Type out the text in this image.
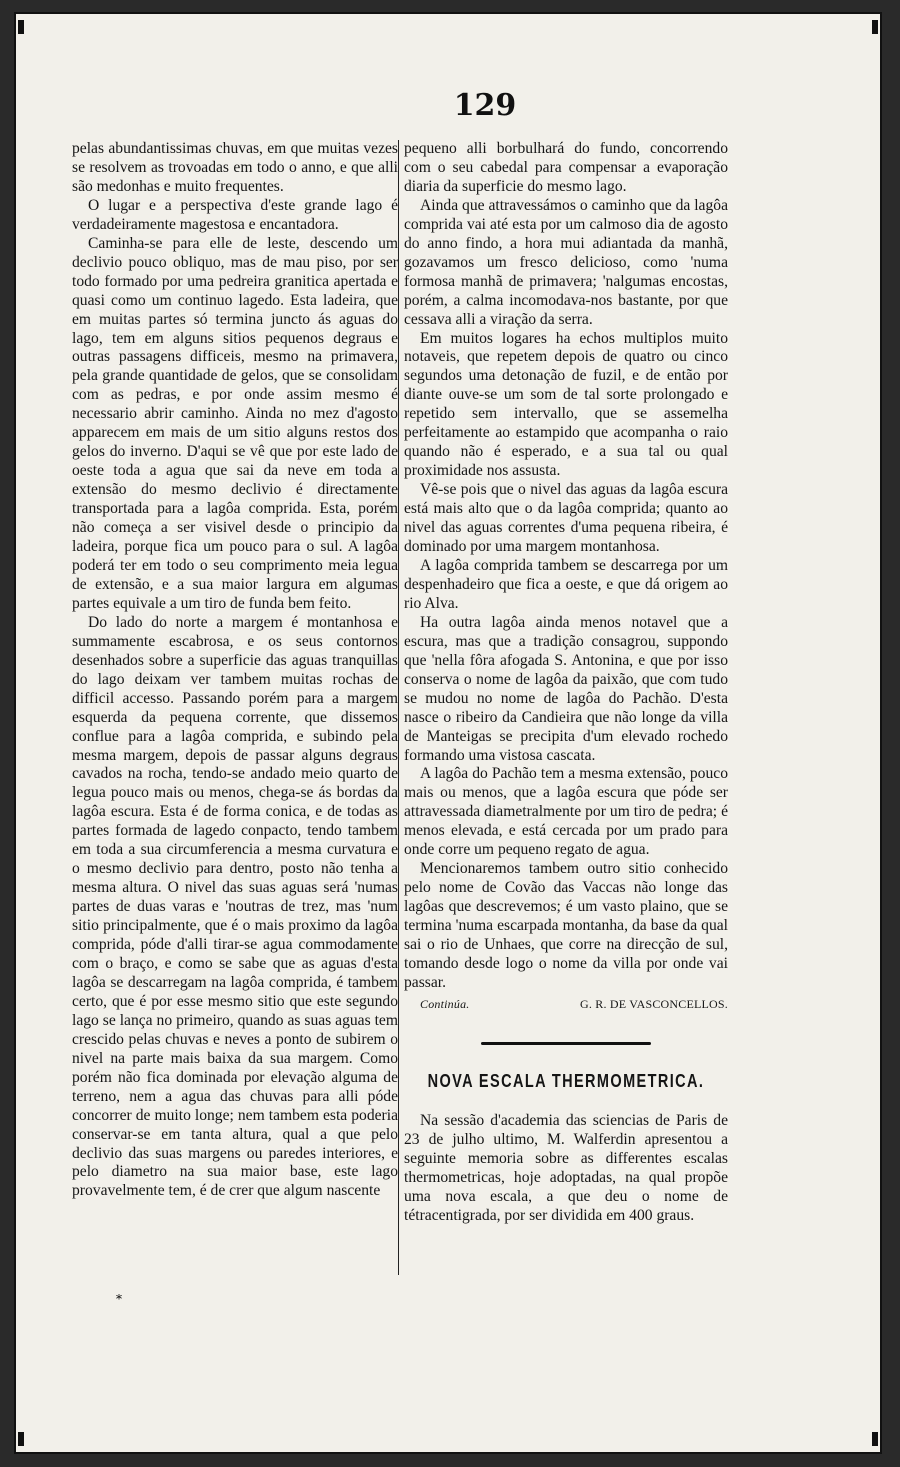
129

pelas abundantissimas chuvas, em que muitas vezes se resolvem as trovoadas em todo o anno, e que alli são medonhas e muito frequentes.

O lugar e a perspectiva d'este grande lago é verdadeiramente magestosa e encantadora.

Caminha-se para elle de leste, descendo um declivio pouco obliquo, mas de mau piso, por ser todo formado por uma pedreira granitica apertada e quasi como um continuo lagedo. Esta ladeira, que em muitas partes só termina juncto ás aguas do lago, tem em alguns sitios pequenos degraus e outras passagens difficeis, mesmo na primavera, pela grande quantidade de gelos, que se consolidam com as pedras, e por onde assim mesmo é necessario abrir caminho. Ainda no mez d'agosto apparecem em mais de um sitio alguns restos dos gelos do inverno. D'aqui se vê que por este lado de oeste toda a agua que sai da neve em toda a extensão do mesmo declivio é directamente transportada para a lagôa comprida. Esta, porém não começa a ser visivel desde o principio da ladeira, porque fica um pouco para o sul. A lagôa poderá ter em todo o seu comprimento meia legua de extensão, e a sua maior largura em algumas partes equivale a um tiro de funda bem feito.

Do lado do norte a margem é montanhosa e summamente escabrosa, e os seus contornos desenhados sobre a superficie das aguas tranquillas do lago deixam ver tambem muitas rochas de difficil accesso. Passando porém para a margem esquerda da pequena corrente, que dissemos conflue para a lagôa comprida, e subindo pela mesma margem, depois de passar alguns degraus cavados na rocha, tendo-se andado meio quarto de legua pouco mais ou menos, chega-se ás bordas da lagôa escura. Esta é de forma conica, e de todas as partes formada de lagedo conpacto, tendo tambem em toda a sua circumferencia a mesma curvatura e o mesmo declivio para dentro, posto não tenha a mesma altura. O nivel das suas aguas será 'numas partes de duas varas e 'noutras de trez, mas 'num sitio principalmente, que é o mais proximo da lagôa comprida, póde d'alli tirar-se agua commodamente com o braço, e como se sabe que as aguas d'esta lagôa se descarregam na lagôa comprida, é tambem certo, que é por esse mesmo sitio que este segundo lago se lança no primeiro, quando as suas aguas tem crescido pelas chuvas e neves a ponto de subirem o nivel na parte mais baixa da sua margem. Como porém não fica dominada por elevação alguma de terreno, nem a agua das chuvas para alli póde concorrer de muito longe; nem tambem esta poderia conservar-se em tanta altura, qual a que pelo declivio das suas margens ou paredes interiores, e pelo diametro na sua maior base, este lago provavelmente tem, é de crer que algum nascente

pequeno alli borbulhará do fundo, concorrendo com o seu cabedal para compensar a evaporação diaria da superficie do mesmo lago.

Ainda que attravessámos o caminho que da lagôa comprida vai até esta por um calmoso dia de agosto do anno findo, a hora mui adiantada da manhã, gozavamos um fresco delicioso, como 'numa formosa manhã de primavera; 'nalgumas encostas, porém, a calma incomodava-nos bastante, por que cessava alli a viração da serra.

Em muitos logares ha echos multiplos muito notaveis, que repetem depois de quatro ou cinco segundos uma detonação de fuzil, e de então por diante ouve-se um som de tal sorte prolongado e repetido sem intervallo, que se assemelha perfeitamente ao estampido que acompanha o raio quando não é esperado, e a sua tal ou qual proximidade nos assusta.

Vê-se pois que o nivel das aguas da lagôa escura está mais alto que o da lagôa comprida; quanto ao nivel das aguas correntes d'uma pequena ribeira, é dominado por uma margem montanhosa.

A lagôa comprida tambem se descarrega por um despenhadeiro que fica a oeste, e que dá origem ao rio Alva.

Ha outra lagôa ainda menos notavel que a escura, mas que a tradição consagrou, suppondo que 'nella fôra afogada S. Antonina, e que por isso conserva o nome de lagôa da paixão, que com tudo se mudou no nome de lagôa do Pachão. D'esta nasce o ribeiro da Candieira que não longe da villa de Manteigas se precipita d'um elevado rochedo formando uma vistosa cascata.

A lagôa do Pachão tem a mesma extensão, pouco mais ou menos, que a lagôa escura que póde ser attravessada diametralmente por um tiro de pedra; é menos elevada, e está cercada por um prado para onde corre um pequeno regato de agua.

Mencionaremos tambem outro sitio conhecido pelo nome de Covão das Vaccas não longe das lagôas que descrevemos; é um vasto plaino, que se termina 'numa escarpada montanha, da base da qual sai o rio de Unhaes, que corre na direcção de sul, tomando desde logo o nome da villa por onde vai passar.

Continúa.	G. R. DE VASCONCELLOS.
NOVA ESCALA THERMOMETRICA.

Na sessão d'academia das sciencias de Paris de 23 de julho ultimo, M. Walferdin apresentou a seguinte memoria sobre as differentes escalas thermometricas, hoje adoptadas, na qual propõe uma nova escala, a que deu o nome de tétracentigrada, por ser dividida em 400 graus.

*
